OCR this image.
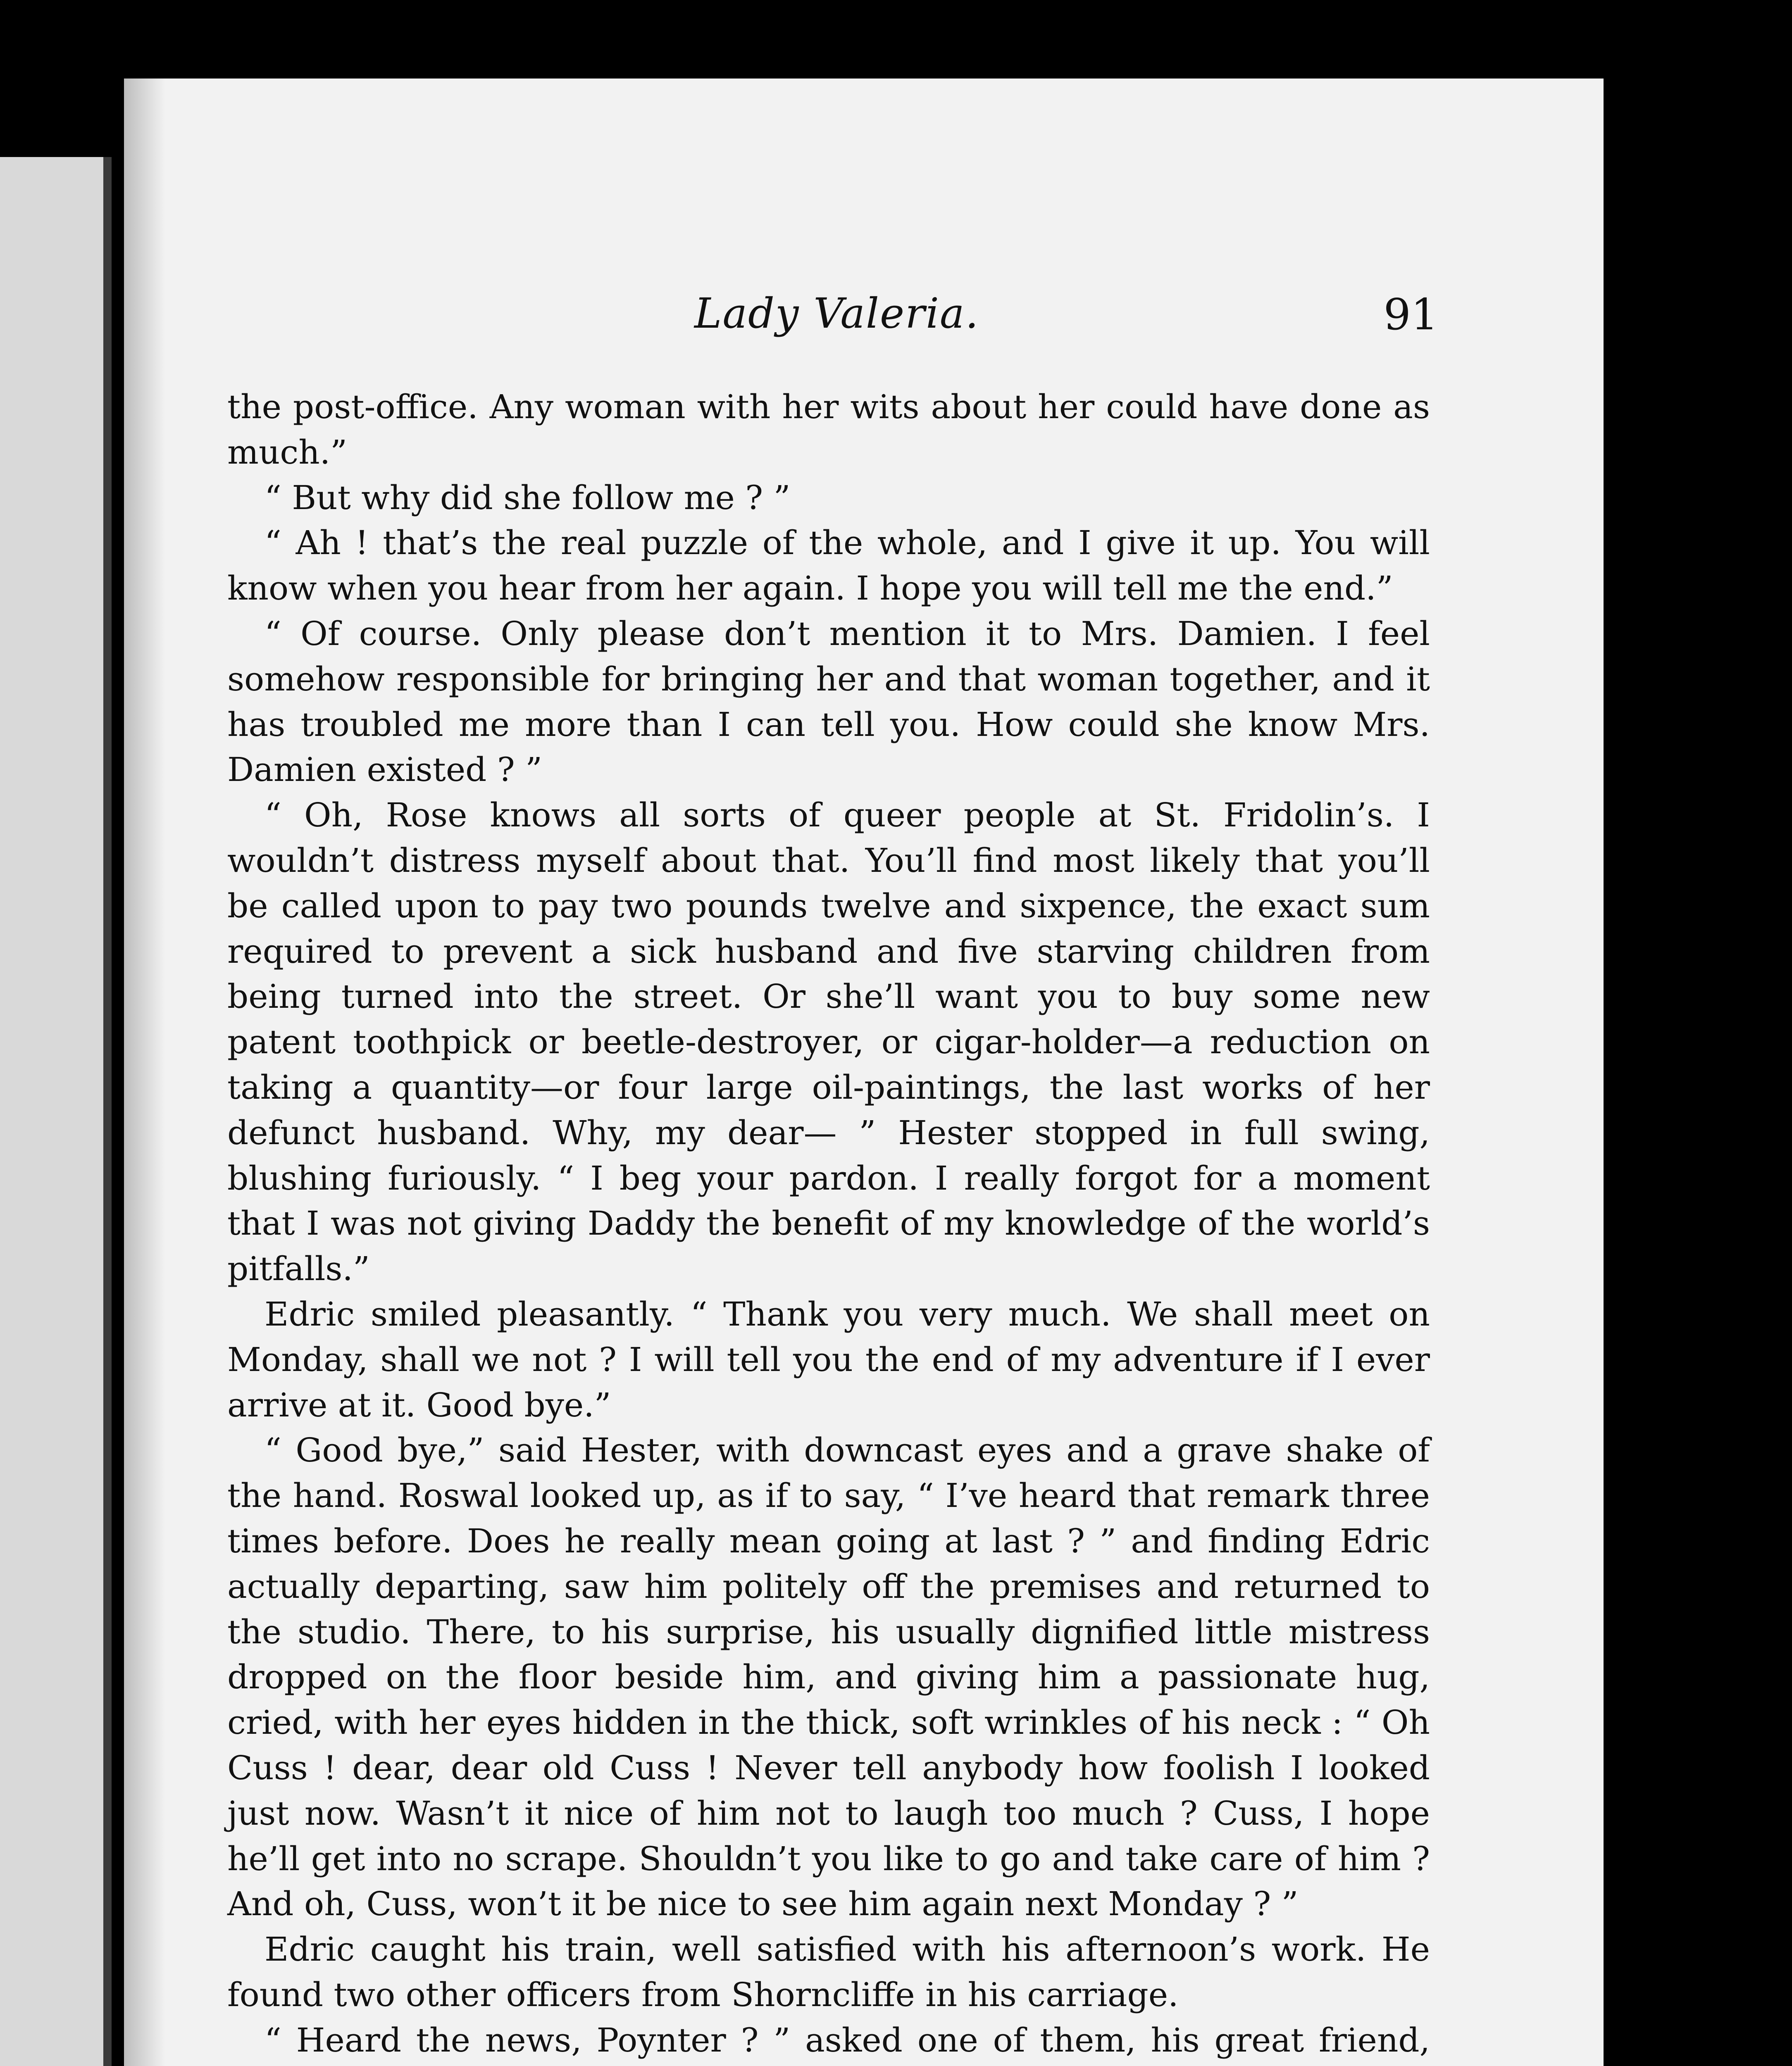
Lady Valeria.	91

the post-office. Any woman with her wits about her could have done as much.”

“ But why did she follow me ? ”

“ Ah ! that’s the real puzzle of the whole, and I give it up. You will know when you hear from her again. I hope you will tell me the end.”

“ Of course. Only please don’t mention it to Mrs. Damien. I feel somehow responsible for bringing her and that woman together, and it has troubled me more than I can tell you. How could she know Mrs. Damien existed ? ”

“ Oh, Rose knows all sorts of queer people at St. Fridolin’s. I wouldn’t distress myself about that. You’ll find most likely that you’ll be called upon to pay two pounds twelve and sixpence, the exact sum required to prevent a sick husband and five starving children from being turned into the street. Or she’ll want you to buy some new patent toothpick or beetle-destroyer, or cigar-holder—a reduction on taking a quantity—or four large oil-paintings, the last works of her defunct husband. Why, my dear— ” Hester stopped in full swing, blushing furiously. “ I beg your pardon. I really forgot for a moment that I was not giving Daddy the benefit of my knowledge of the world’s pitfalls.”

Edric smiled pleasantly. “ Thank you very much. We shall meet on Monday, shall we not ? I will tell you the end of my adventure if I ever arrive at it. Good bye.”

“ Good bye,” said Hester, with downcast eyes and a grave shake of the hand. Roswal looked up, as if to say, “ I’ve heard that remark three times before. Does he really mean going at last ? ” and finding Edric actually departing, saw him politely off the premises and returned to the studio. There, to his surprise, his usually dignified little mistress dropped on the floor beside him, and giving him a passionate hug, cried, with her eyes hidden in the thick, soft wrinkles of his neck : “ Oh Cuss ! dear, dear old Cuss ! Never tell anybody how foolish I looked just now. Wasn’t it nice of him not to laugh too much ? Cuss, I hope he’ll get into no scrape. Shouldn’t you like to go and take care of him ? And oh, Cuss, won’t it be nice to see him again next Monday ? ”

Edric caught his train, well satisfied with his afternoon’s work. He found two other officers from Shorncliffe in his carriage.

“ Heard the news, Poynter ? ” asked one of them, his great friend,
